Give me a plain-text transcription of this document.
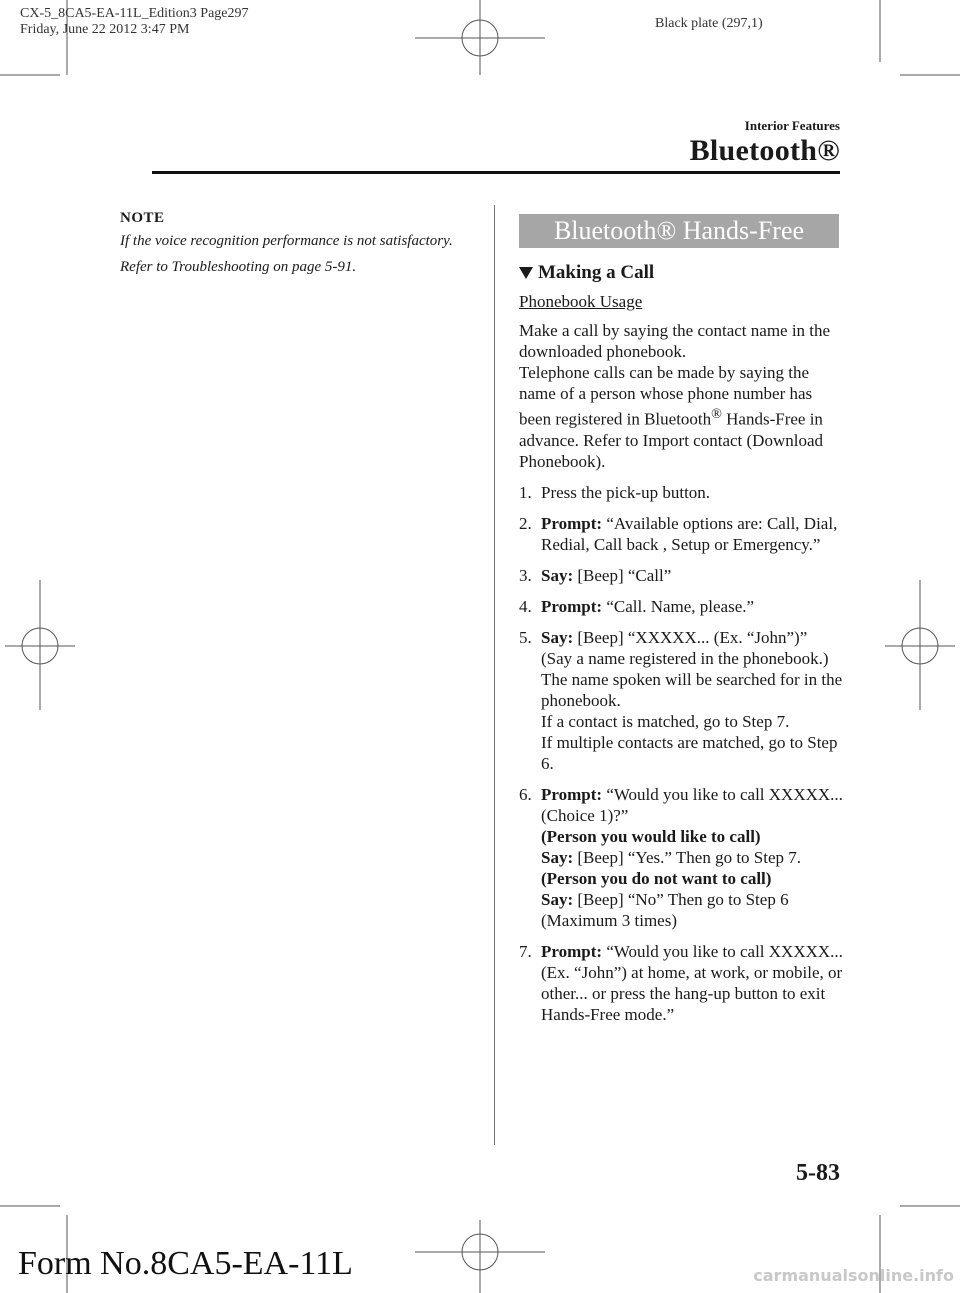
CX-5_8CA5-EA-11L_Edition3 Page297
Friday, June 22 2012 3:47 PM	Black plate (297,1)
Interior Features
Bluetooth®
NOTE

If the voice recognition performance is not satisfactory.

Refer to Troubleshooting on page 5-91.

Bluetooth® Hands-Free
Making a Call
Phonebook Usage
Make a call by saying the contact name in the downloaded phonebook.
Telephone calls can be made by saying the name of a person whose phone number has been registered in Bluetooth® Hands-Free in advance. Refer to Import contact (Download Phonebook).
1. Press the pick-up button.
2. Prompt: “Available options are: Call, Dial, Redial, Call back , Setup or Emergency.”
3. Say: [Beep] “Call”
4. Prompt: “Call. Name, please.”
5. Say: [Beep] “XXXXX... (Ex. “John”)”
(Say a name registered in the phonebook.)
The name spoken will be searched for in the phonebook.
If a contact is matched, go to Step 7.
If multiple contacts are matched, go to Step 6.
6. Prompt: “Would you like to call XXXXX... (Choice 1)?”
(Person you would like to call)
Say: [Beep] “Yes.” Then go to Step 7.
(Person you do not want to call)
Say: [Beep] “No” Then go to Step 6
(Maximum 3 times)
7. Prompt: “Would you like to call XXXXX... (Ex. “John”) at home, at work, or mobile, or other... or press the hang-up button to exit Hands-Free mode.”
5-83
Form No.8CA5-EA-11L	carmanualsonline.info
